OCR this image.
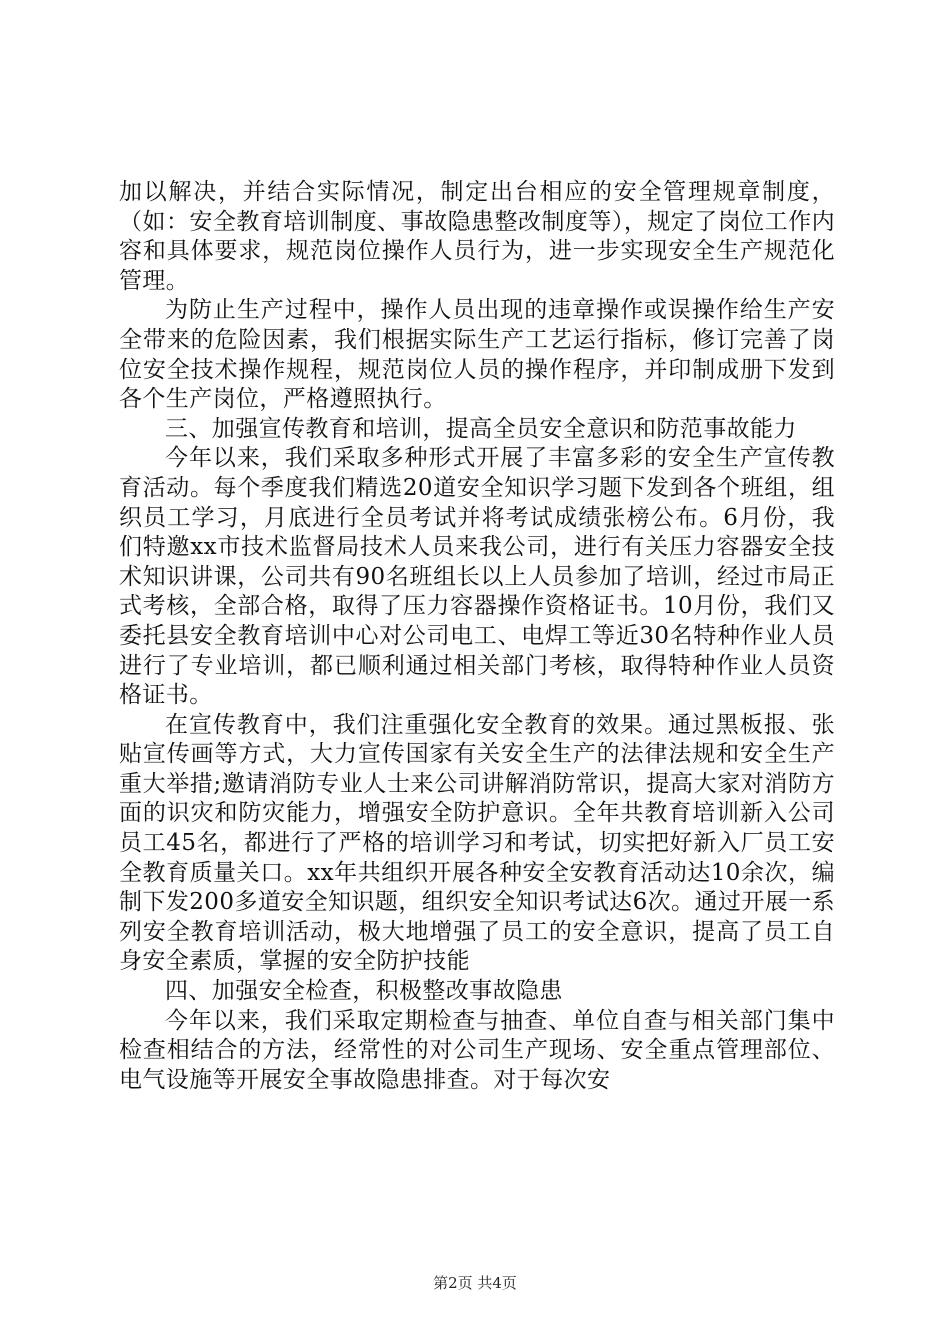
加以解决，并结合实际情况，制定出台相应的安全管理规章制度，（如：安全教育培训制度、事故隐患整改制度等），规定了岗位工作内容和具体要求，规范岗位操作人员行为，进一步实现安全生产规范化管理。

为防止生产过程中，操作人员出现的违章操作或误操作给生产安全带来的危险因素，我们根据实际生产工艺运行指标，修订完善了岗位安全技术操作规程，规范岗位人员的操作程序，并印制成册下发到各个生产岗位，严格遵照执行。

三、加强宣传教育和培训，提高全员安全意识和防范事故能力

今年以来，我们采取多种形式开展了丰富多彩的安全生产宣传教育活动。每个季度我们精选20道安全知识学习题下发到各个班组，组织员工学习，月底进行全员考试并将考试成绩张榜公布。6月份，我们特邀xx市技术监督局技术人员来我公司，进行有关压力容器安全技术知识讲课，公司共有90名班组长以上人员参加了培训，经过市局正式考核，全部合格，取得了压力容器操作资格证书。10月份，我们又委托县安全教育培训中心对公司电工、电焊工等近30名特种作业人员进行了专业培训，都已顺利通过相关部门考核，取得特种作业人员资格证书。

在宣传教育中，我们注重强化安全教育的效果。通过黑板报、张贴宣传画等方式，大力宣传国家有关安全生产的法律法规和安全生产重大举措;邀请消防专业人士来公司讲解消防常识，提高大家对消防方面的识灾和防灾能力，增强安全防护意识。全年共教育培训新入公司员工45名，都进行了严格的培训学习和考试，切实把好新入厂员工安全教育质量关口。xx年共组织开展各种安全安教育活动达10余次，编制下发200多道安全知识题，组织安全知识考试达6次。通过开展一系列安全教育培训活动，极大地增强了员工的安全意识，提高了员工自身安全素质，掌握的安全防护技能

四、加强安全检查，积极整改事故隐患

今年以来，我们采取定期检查与抽查、单位自查与相关部门集中检查相结合的方法，经常性的对公司生产现场、安全重点管理部位、电气设施等开展安全事故隐患排查。对于每次安

第2页 共4页
